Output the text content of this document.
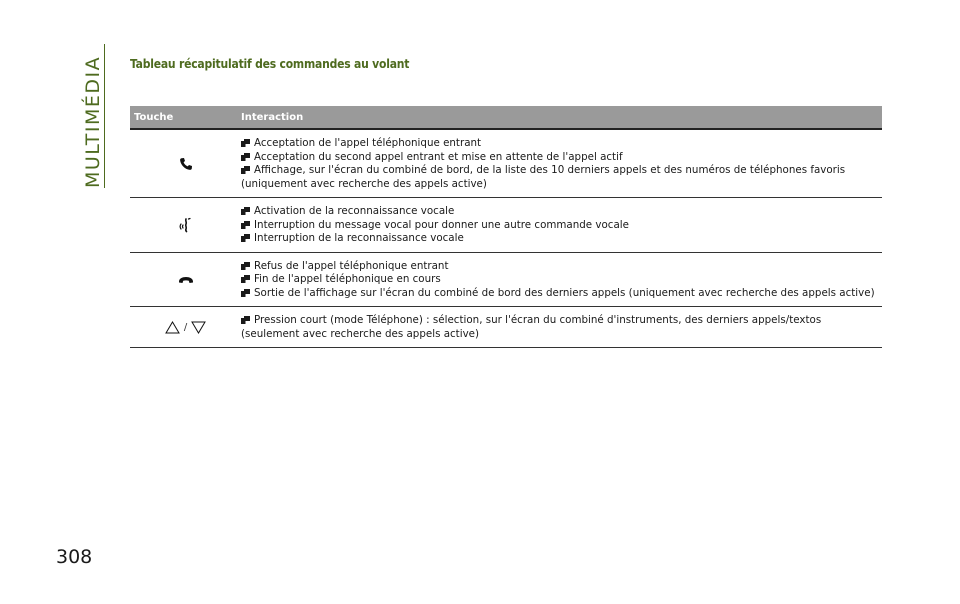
MULTIMÉDIA Tableau récapitulatif des commandes au volant
Touche	Interaction
Acceptation de l'appel téléphonique entrant
Acceptation du second appel entrant et mise en attente de l'appel actif
Affichage, sur l'écran du combiné de bord, de la liste des 10 derniers appels et des numéros de téléphones favoris (uniquement avec recherche des appels active)
Activation de la reconnaissance vocale
Interruption du message vocal pour donner une autre commande vocale
Interruption de la reconnaissance vocale
Refus de l'appel téléphonique entrant
Fin de l'appel téléphonique en cours
Sortie de l'affichage sur l'écran du combiné de bord des derniers appels (uniquement avec recherche des appels active)
/
Pression court (mode Téléphone) : sélection, sur l'écran du combiné d'instruments, des derniers appels/textos (seulement avec recherche des appels active)
308
